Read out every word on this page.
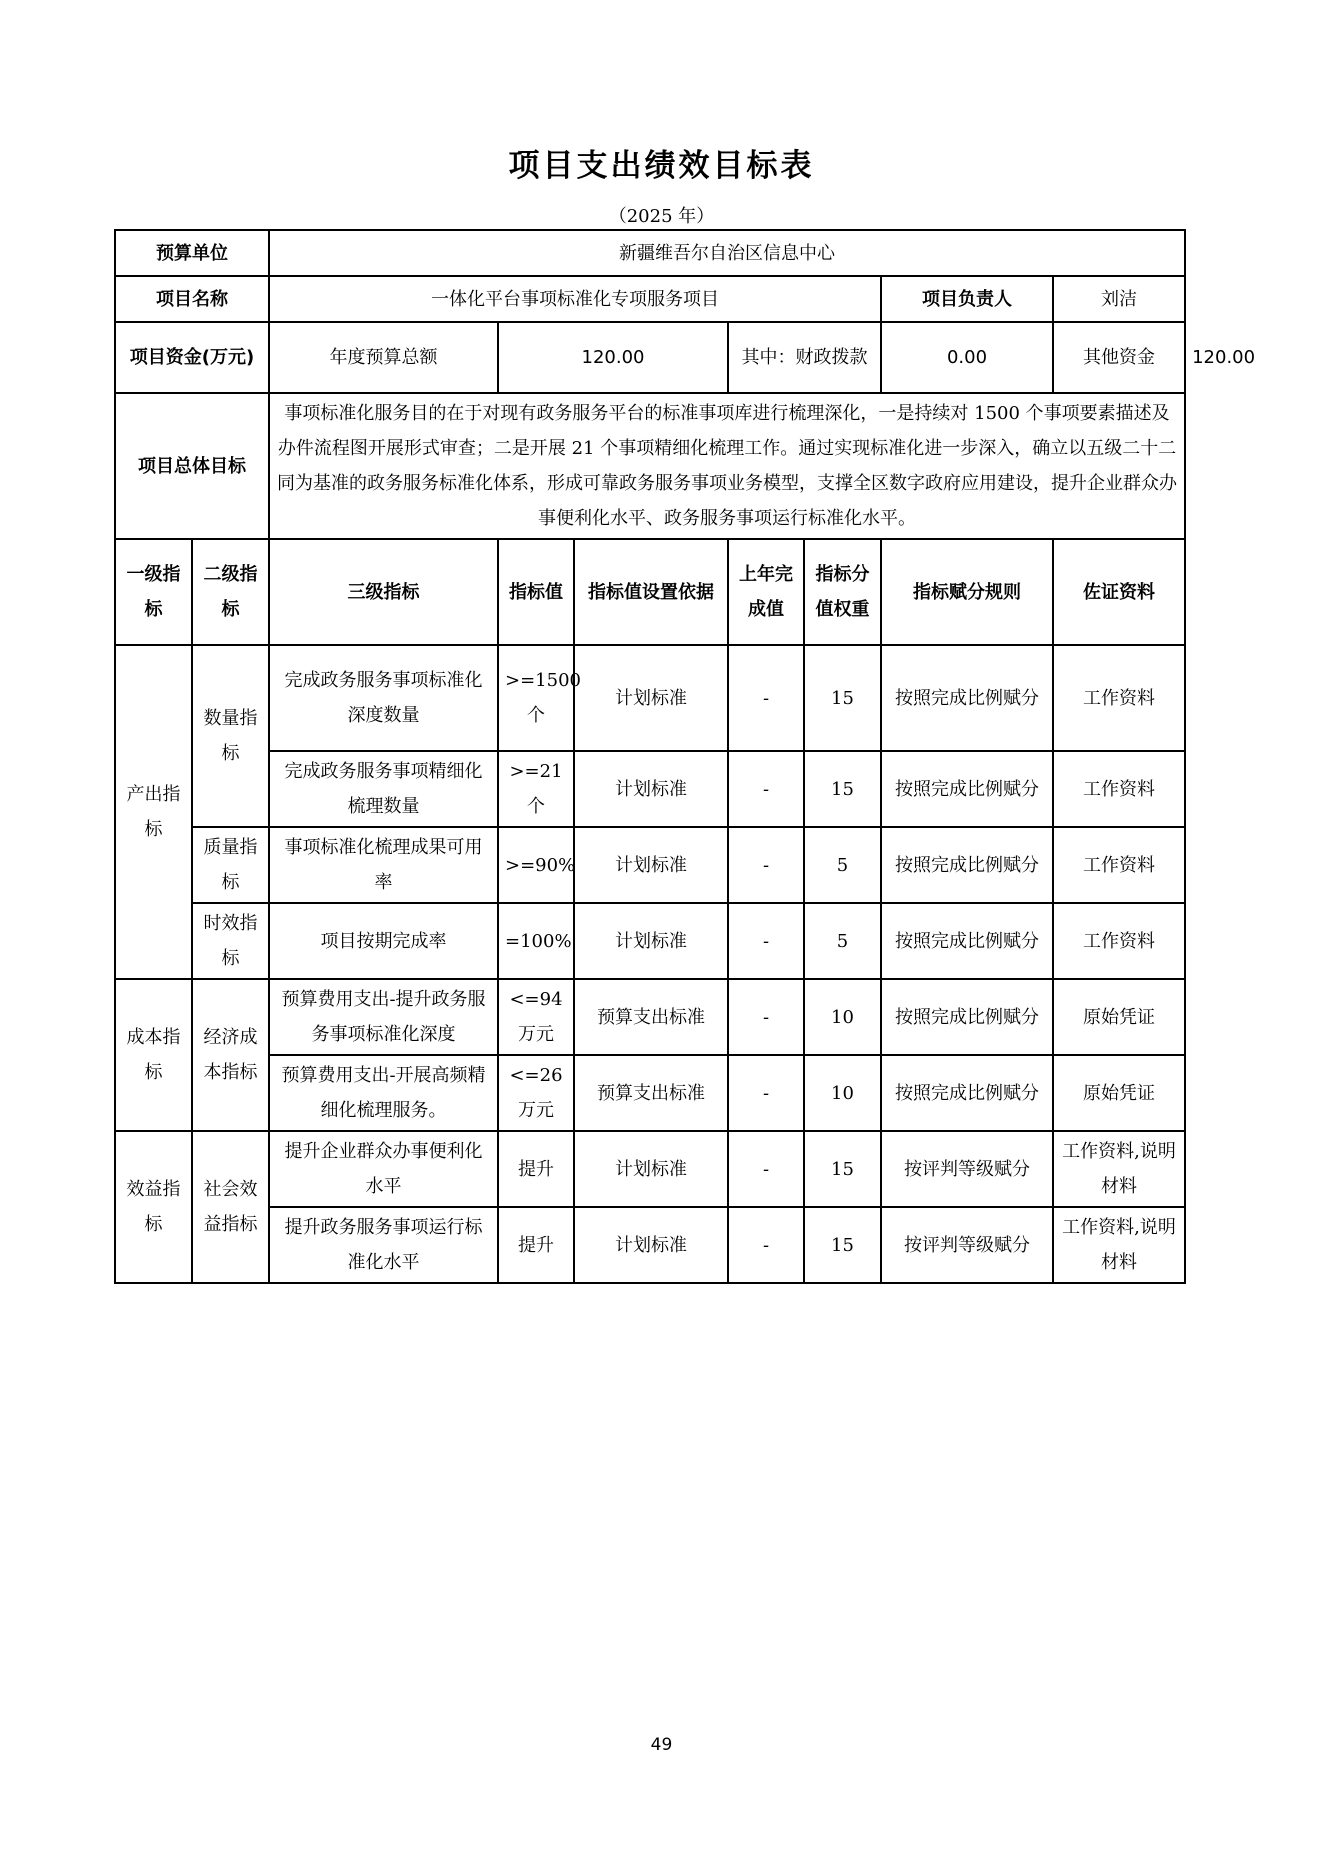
项目支出绩效目标表
（2025 年）
预算单位		新疆维吾尔自治区信息中心							
项目名称		一体化平台事项标准化专项服务项目					项目负责人	刘洁	
项目资金(万元)		年度预算总额	120.00		其中：财政拨款		0.00	其他资金	120.00
项目总体目标		事项标准化服务目的在于对现有政务服务平台的标准事项库进行梳理深化，一是持续对 1500 个事项要素描述及办件流程图开展形式审查；二是开展 21 个事项精细化梳理工作。通过实现标准化进一步深入，确立以五级二十二同为基准的政务服务标准化体系，形成可靠政务服务事项业务模型，支撑全区数字政府应用建设，提升企业群众办事便利化水平、政务服务事项运行标准化水平。							
一级指标	二级指标	三级指标	指标值	指标值设置依据	上年完成值	指标分值权重	指标赋分规则	佐证资料	
产出指标	数量指标	完成政务服务事项标准化深度数量	>=1500个	计划标准	-	15	按照完成比例赋分	工作资料	
		完成政务服务事项精细化梳理数量	>=21个	计划标准	-	15	按照完成比例赋分	工作资料	
	质量指标	事项标准化梳理成果可用率	>=90%	计划标准	-	5	按照完成比例赋分	工作资料	
	时效指标	项目按期完成率	=100%	计划标准	-	5	按照完成比例赋分	工作资料	
成本指标	经济成本指标	预算费用支出-提升政务服务事项标准化深度	<=94万元	预算支出标准	-	10	按照完成比例赋分	原始凭证	
		预算费用支出-开展高频精细化梳理服务。	<=26万元	预算支出标准	-	10	按照完成比例赋分	原始凭证	
效益指标	社会效益指标	提升企业群众办事便利化水平	提升	计划标准	-	15	按评判等级赋分	工作资料,说明材料	
		提升政务服务事项运行标准化水平	提升	计划标准	-	15	按评判等级赋分	工作资料,说明材料	
49
